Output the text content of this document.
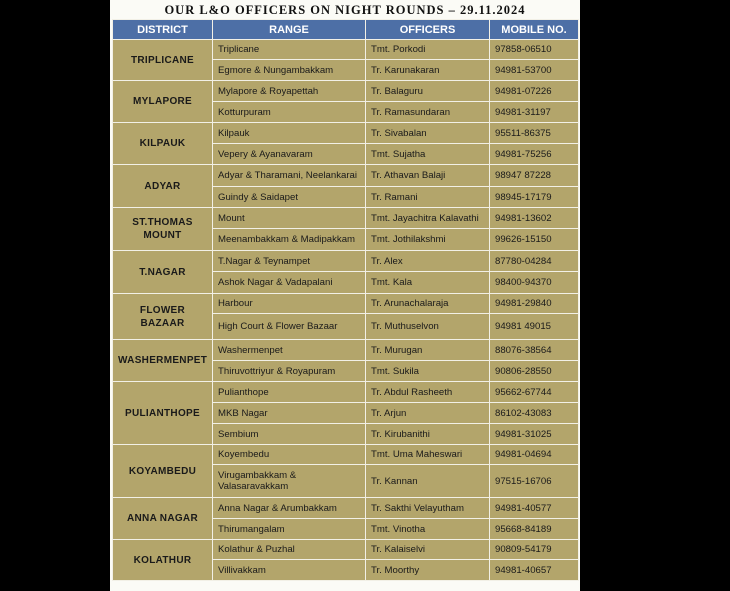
OUR L&O OFFICERS ON NIGHT ROUNDS – 29.11.2024
DISTRICT	RANGE	OFFICERS	MOBILE NO.
TRIPLICANE	Triplicane	Tmt. Porkodi	97858-06510
	Egmore & Nungambakkam	Tr. Karunakaran	94981-53700
MYLAPORE	Mylapore & Royapettah	Tr. Balaguru	94981-07226
	Kotturpuram	Tr. Ramasundaran	94981-31197
KILPAUK	Kilpauk	Tr. Sivabalan	95511-86375
	Vepery & Ayanavaram	Tmt. Sujatha	94981-75256
ADYAR	Adyar & Tharamani, Neelankarai	Tr. Athavan Balaji	98947 87228
	Guindy & Saidapet	Tr. Ramani	98945-17179
ST.THOMAS MOUNT	Mount	Tmt. Jayachitra Kalavathi	94981-13602
	Meenambakkam & Madipakkam	Tmt. Jothilakshmi	99626-15150
T.NAGAR	T.Nagar & Teynampet	Tr. Alex	87780-04284
	Ashok Nagar & Vadapalani	Tmt. Kala	98400-94370
FLOWER BAZAAR	Harbour	Tr. Arunachalaraja	94981-29840
	High Court & Flower Bazaar	Tr. Muthuselvon	94981 49015
WASHERMENPET	Washermenpet	Tr. Murugan	88076-38564
	Thiruvottriyur & Royapuram	Tmt. Sukila	90806-28550
PULIANTHOPE	Pulianthope	Tr. Abdul Rasheeth	95662-67744
	MKB Nagar	Tr. Arjun	86102-43083
	Sembium	Tr. Kirubanithi	94981-31025
KOYAMBEDU	Koyembedu	Tmt. Uma Maheswari	94981-04694
	Virugambakkam & Valasaravakkam	Tr. Kannan	97515-16706
ANNA NAGAR	Anna Nagar & Arumbakkam	Tr. Sakthi Velayutham	94981-40577
	Thirumangalam	Tmt. Vinotha	95668-84189
KOLATHUR	Kolathur & Puzhal	Tr. Kalaiselvi	90809-54179
	Villivakkam	Tr. Moorthy	94981-40657
